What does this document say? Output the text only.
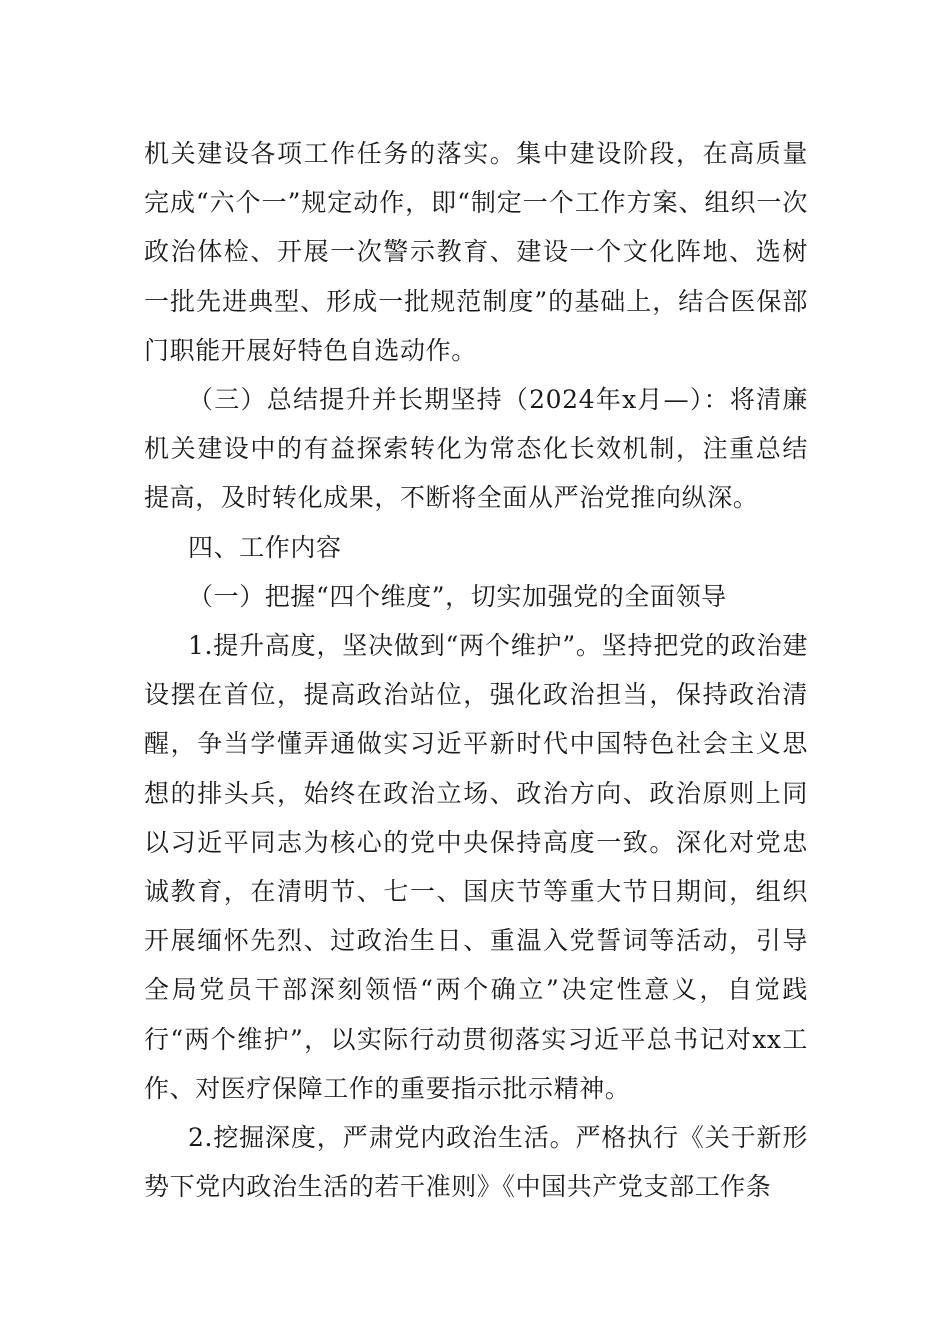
机关建设各项工作任务的落实。集中建设阶段，在高质量完成“六个一”规定动作，即“制定一个工作方案、组织一次政治体检、开展一次警示教育、建设一个文化阵地、选树一批先进典型、形成一批规范制度”的基础上，结合医保部门职能开展好特色自选动作。

（三）总结提升并长期坚持（2024年x月—）：将清廉机关建设中的有益探索转化为常态化长效机制，注重总结提高，及时转化成果，不断将全面从严治党推向纵深。

四、工作内容

（一）把握“四个维度”，切实加强党的全面领导

1.提升高度，坚决做到“两个维护”。坚持把党的政治建设摆在首位，提高政治站位，强化政治担当，保持政治清醒，争当学懂弄通做实习近平新时代中国特色社会主义思想的排头兵，始终在政治立场、政治方向、政治原则上同以习近平同志为核心的党中央保持高度一致。深化对党忠诚教育，在清明节、七一、国庆节等重大节日期间，组织开展缅怀先烈、过政治生日、重温入党誓词等活动，引导全局党员干部深刻领悟“两个确立”决定性意义，自觉践行“两个维护”，以实际行动贯彻落实习近平总书记对xx工作、对医疗保障工作的重要指示批示精神。

2.挖掘深度，严肃党内政治生活。严格执行《关于新形势下党内政治生活的若干准则》《中国共产党支部工作条
